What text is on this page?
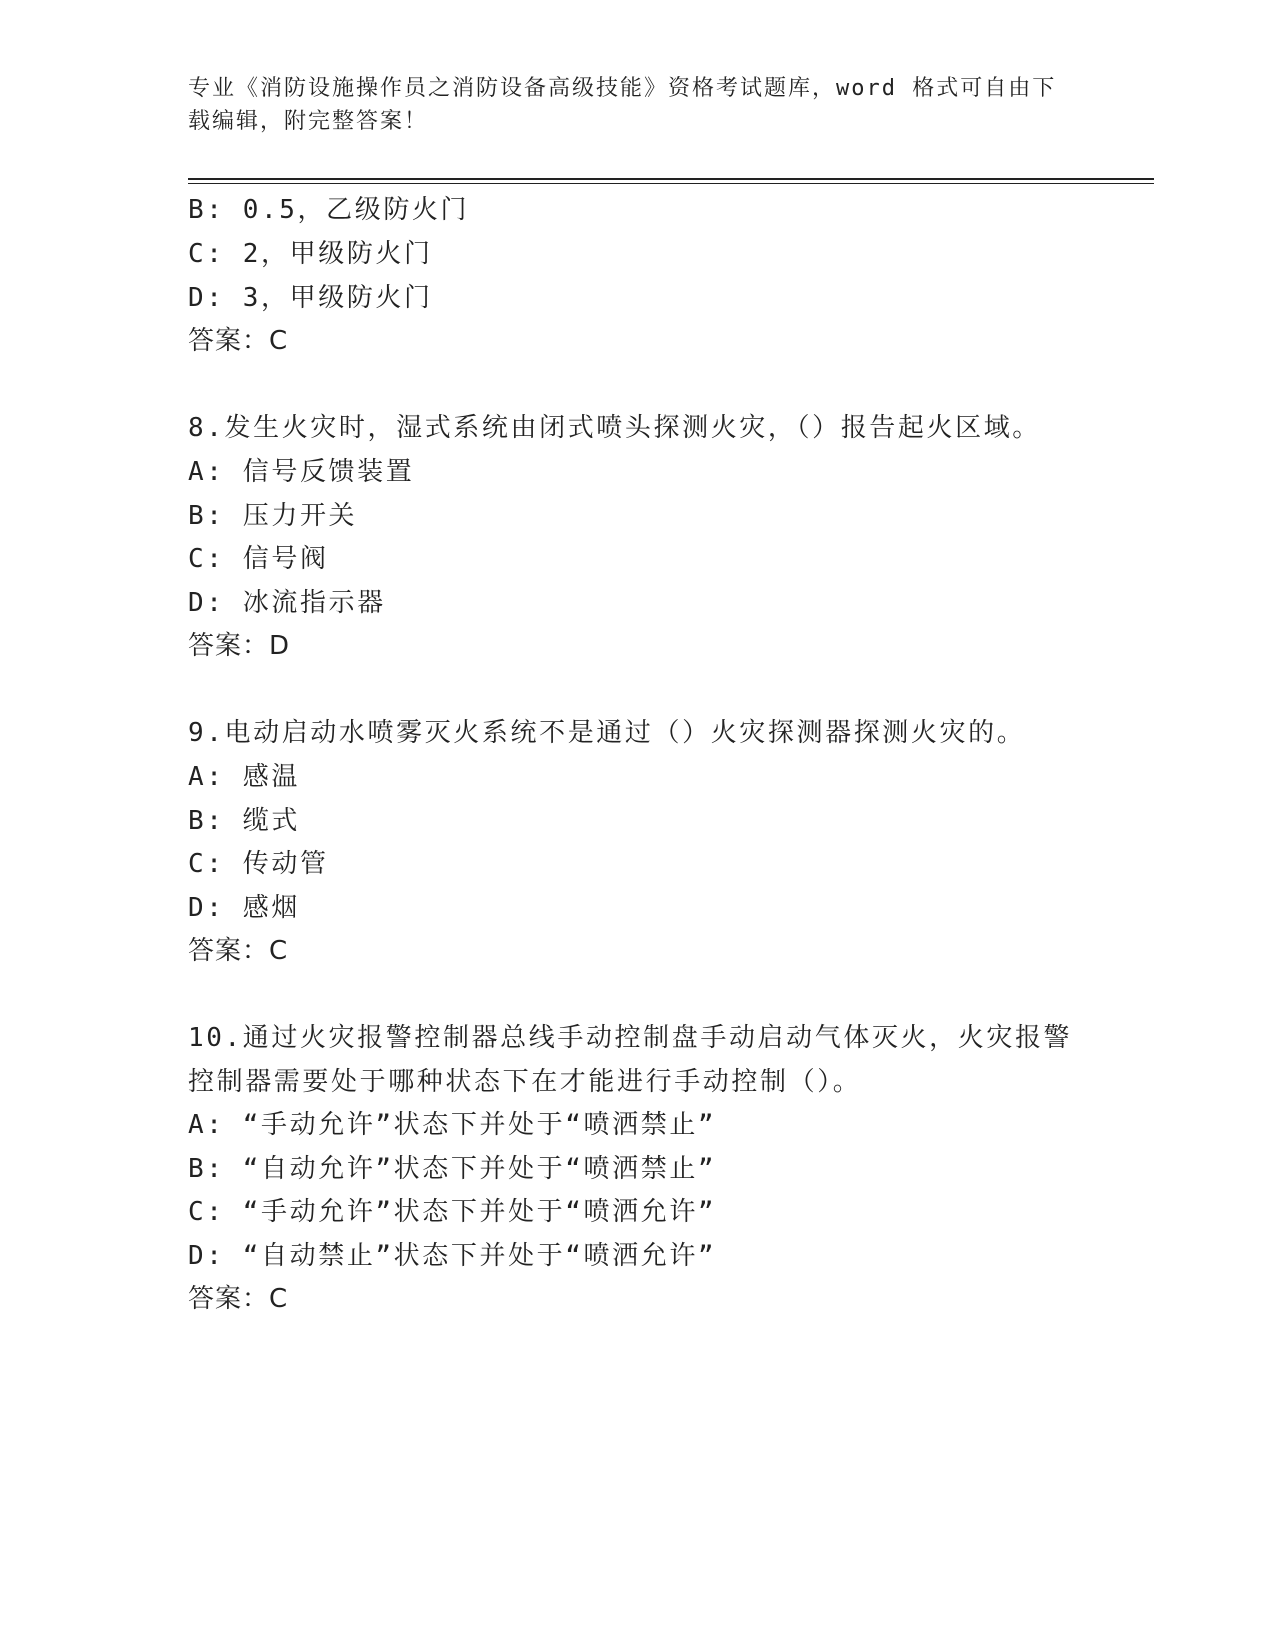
专业《消防设施操作员之消防设备高级技能》资格考试题库，word 格式可自由下
载编辑，附完整答案！
B: 0.5，乙级防火门
C: 2，甲级防火门
D: 3，甲级防火门
答案：C
8.发生火灾时，湿式系统由闭式喷头探测火灾，（）报告起火区域。
A: 信号反馈装置
B: 压力开关
C: 信号阀
D: 冰流指示器
答案：D
9.电动启动水喷雾灭火系统不是通过（）火灾探测器探测火灾的。
A: 感温
B: 缆式
C: 传动管
D: 感烟
答案：C
10.通过火灾报警控制器总线手动控制盘手动启动气体灭火，火灾报警
控制器需要处于哪种状态下在才能进行手动控制（）。
A: “手动允许”状态下并处于“喷洒禁止”
B: “自动允许”状态下并处于“喷洒禁止”
C: “手动允许”状态下并处于“喷洒允许”
D: “自动禁止”状态下并处于“喷洒允许”
答案：C
